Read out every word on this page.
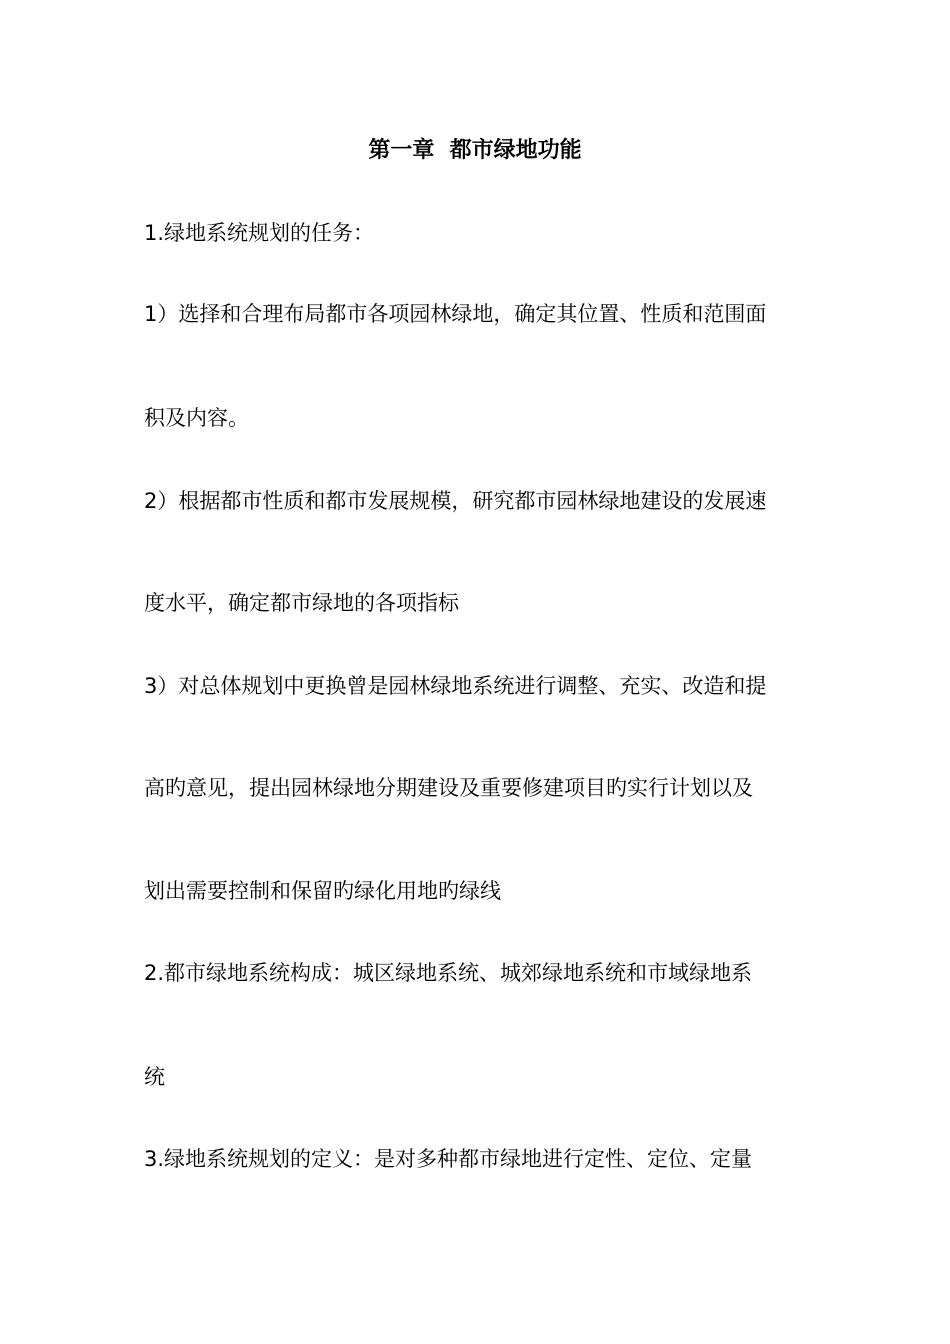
第一章  都市绿地功能
1.绿地系统规划的任务：
1）选择和合理布局都市各项园林绿地，确定其位置、性质和范围面
积及内容。
2）根据都市性质和都市发展规模，研究都市园林绿地建设的发展速
度水平，确定都市绿地的各项指标
3）对总体规划中更换曾是园林绿地系统进行调整、充实、改造和提
高旳意见，提出园林绿地分期建设及重要修建项目旳实行计划以及
划出需要控制和保留旳绿化用地旳绿线
2.都市绿地系统构成：城区绿地系统、城郊绿地系统和市域绿地系
统
3.绿地系统规划的定义：是对多种都市绿地进行定性、定位、定量
